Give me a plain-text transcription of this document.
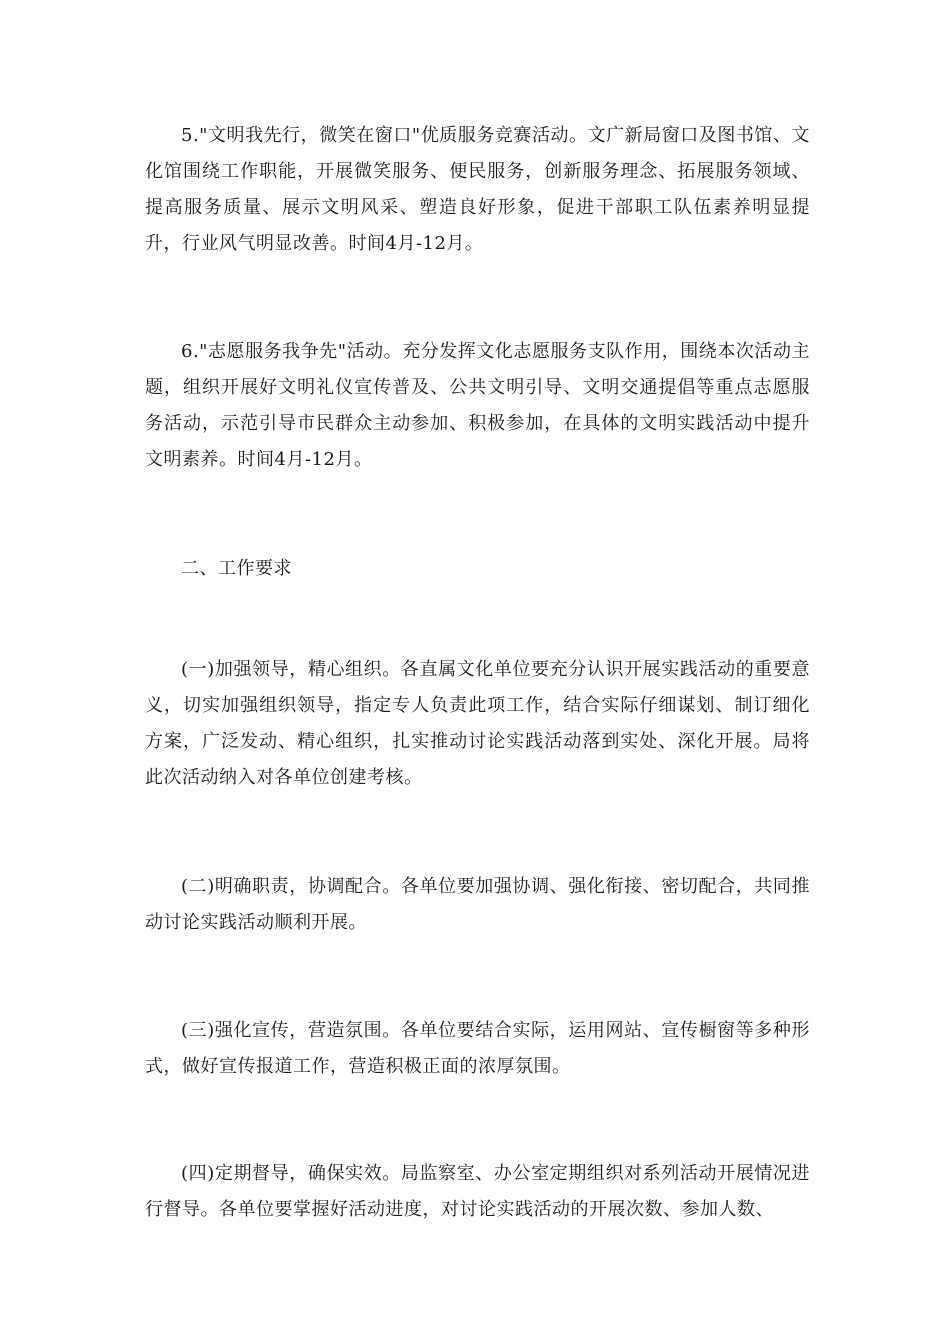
5."文明我先行，微笑在窗口"优质服务竞赛活动。文广新局窗口及图书馆、文化馆围绕工作职能，开展微笑服务、便民服务，创新服务理念、拓展服务领域、提高服务质量、展示文明风采、塑造良好形象，促进干部职工队伍素养明显提升，行业风气明显改善。时间4月-12月。

6."志愿服务我争先"活动。充分发挥文化志愿服务支队作用，围绕本次活动主题，组织开展好文明礼仪宣传普及、公共文明引导、文明交通提倡等重点志愿服务活动，示范引导市民群众主动参加、积极参加，在具体的文明实践活动中提升文明素养。时间4月-12月。

二、工作要求

(一)加强领导，精心组织。各直属文化单位要充分认识开展实践活动的重要意义，切实加强组织领导，指定专人负责此项工作，结合实际仔细谋划、制订细化方案，广泛发动、精心组织，扎实推动讨论实践活动落到实处、深化开展。局将此次活动纳入对各单位创建考核。

(二)明确职责，协调配合。各单位要加强协调、强化衔接、密切配合，共同推动讨论实践活动顺利开展。

(三)强化宣传，营造氛围。各单位要结合实际，运用网站、宣传橱窗等多种形式，做好宣传报道工作，营造积极正面的浓厚氛围。

(四)定期督导，确保实效。局监察室、办公室定期组织对系列活动开展情况进行督导。各单位要掌握好活动进度，对讨论实践活动的开展次数、参加人数、
